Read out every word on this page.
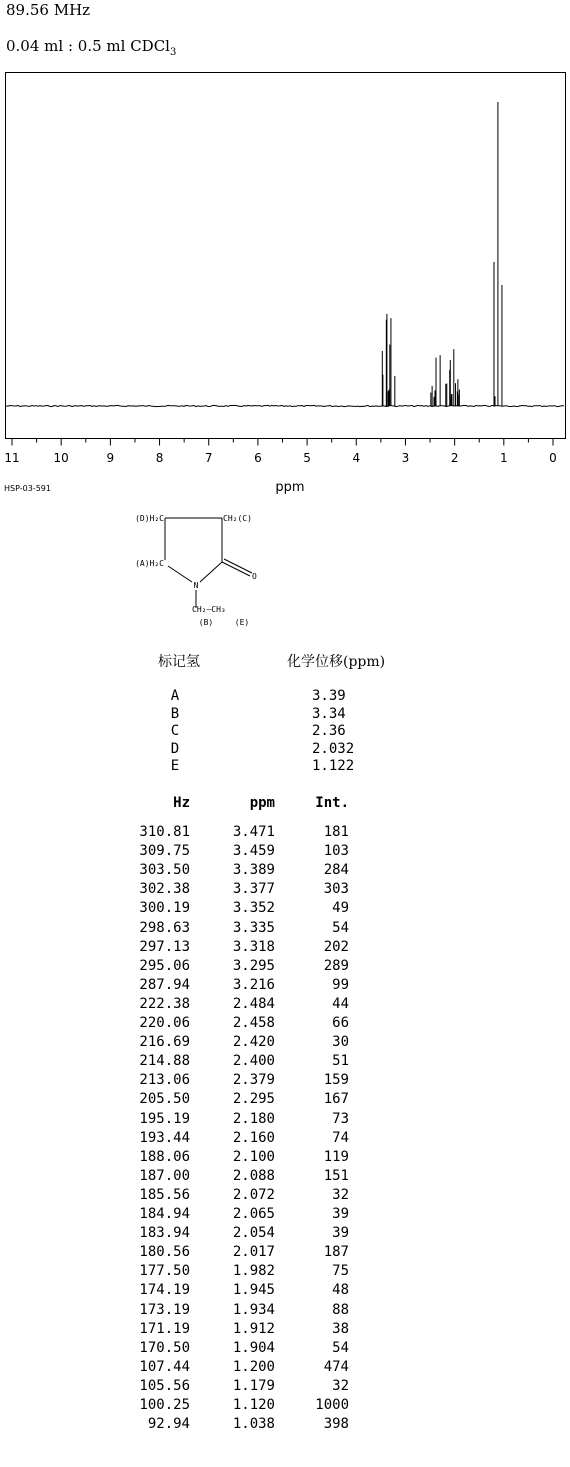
89.56 MHz
0.04 ml : 0.5 ml CDCl$_3$
11	10	9	8	7	6	5	4	3	2	1	0
ppm
HSP-03-591
(D)H₂C	CH₂(C)
(A)H₂C
N
O
CH₂—CH₃
(B)	(E)
标记氢	化学位移(ppm)
A	3.39
B	3.34
C	2.36
D	2.032
E	1.122
Hz	ppm	Int.
310.81	3.471	181
309.75	3.459	103
303.50	3.389	284
302.38	3.377	303
300.19	3.352	49
298.63	3.335	54
297.13	3.318	202
295.06	3.295	289
287.94	3.216	99
222.38	2.484	44
220.06	2.458	66
216.69	2.420	30
214.88	2.400	51
213.06	2.379	159
205.50	2.295	167
195.19	2.180	73
193.44	2.160	74
188.06	2.100	119
187.00	2.088	151
185.56	2.072	32
184.94	2.065	39
183.94	2.054	39
180.56	2.017	187
177.50	1.982	75
174.19	1.945	48
173.19	1.934	88
171.19	1.912	38
170.50	1.904	54
107.44	1.200	474
105.56	1.179	32
100.25	1.120	1000
92.94	1.038	398
